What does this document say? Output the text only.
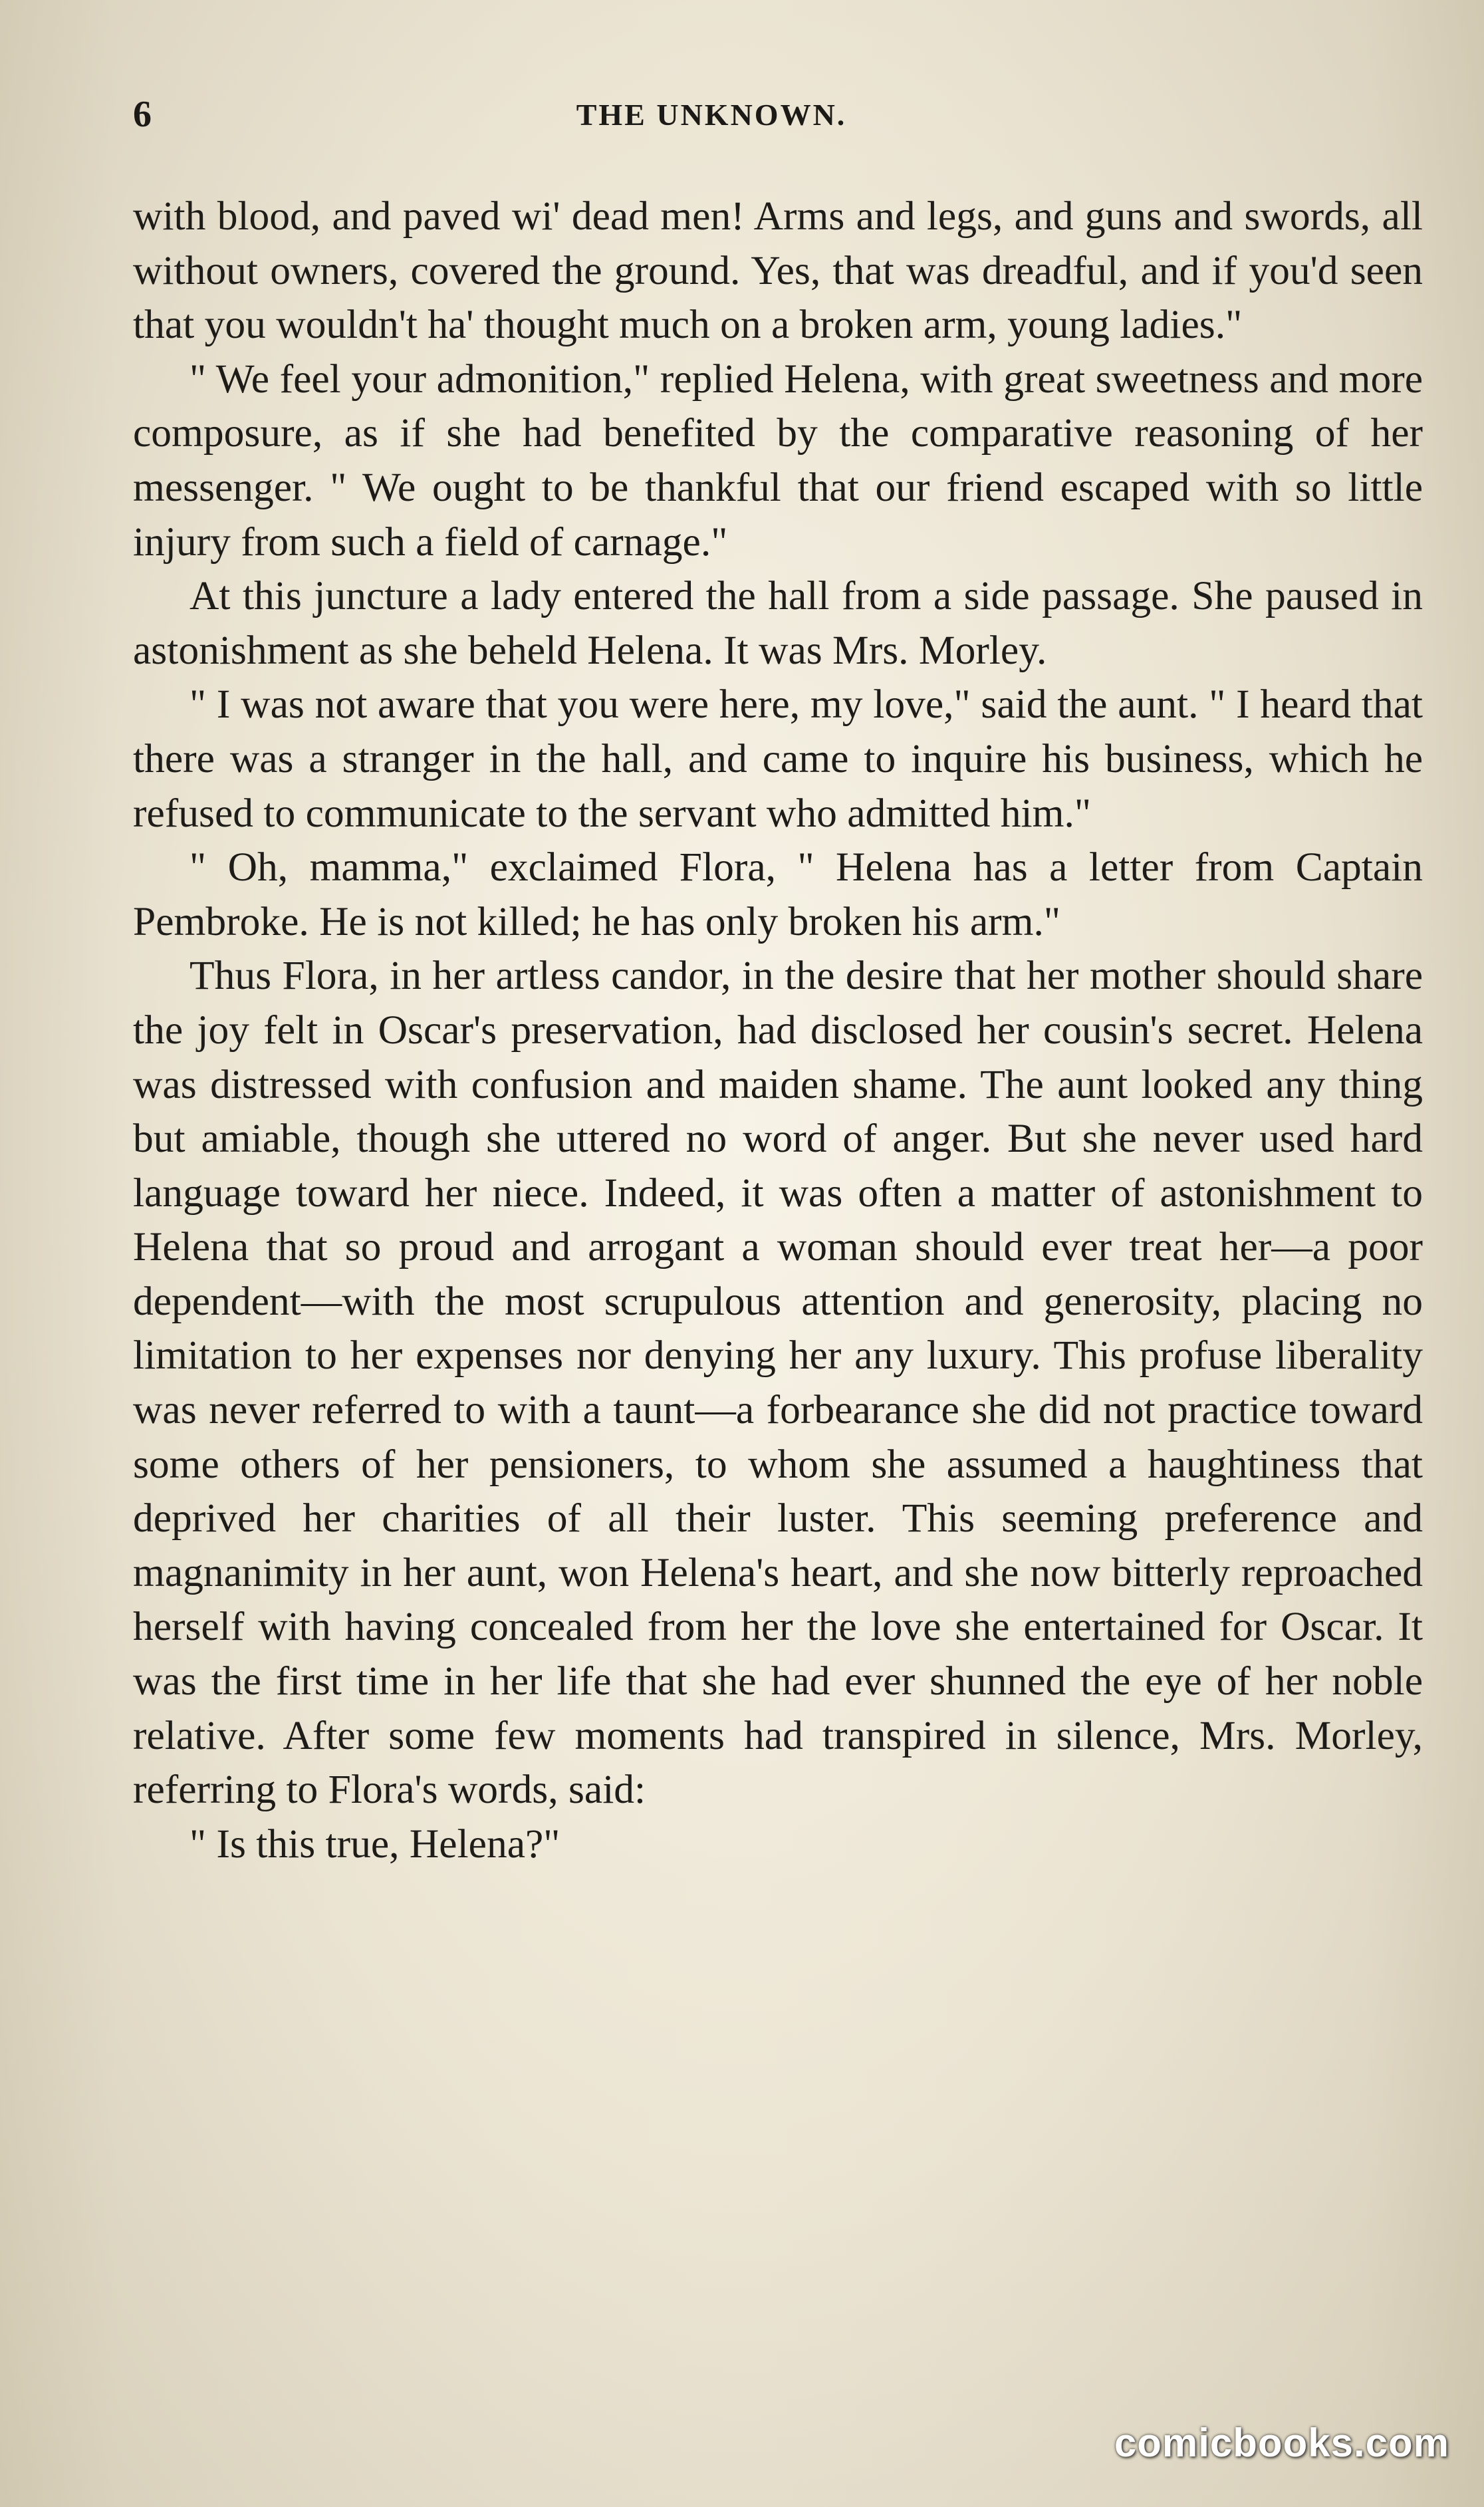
6	THE UNKNOWN.

with blood, and paved wi' dead men! Arms and legs, and guns and swords, all without owners, covered the ground. Yes, that was dreadful, and if you'd seen that you wouldn't ha' thought much on a broken arm, young ladies."

" We feel your admonition," replied Helena, with great sweetness and more composure, as if she had benefited by the comparative reasoning of her messenger. " We ought to be thankful that our friend escaped with so little injury from such a field of carnage."

At this juncture a lady entered the hall from a side passage. She paused in astonishment as she beheld Helena. It was Mrs. Morley.

" I was not aware that you were here, my love," said the aunt. " I heard that there was a stranger in the hall, and came to inquire his business, which he refused to communicate to the servant who admitted him."

" Oh, mamma," exclaimed Flora, " Helena has a letter from Captain Pembroke. He is not killed; he has only broken his arm."

Thus Flora, in her artless candor, in the desire that her mother should share the joy felt in Oscar's preservation, had disclosed her cousin's secret. Helena was distressed with confusion and maiden shame. The aunt looked any thing but amiable, though she uttered no word of anger. But she never used hard language toward her niece. Indeed, it was often a matter of astonishment to Helena that so proud and arrogant a woman should ever treat her—a poor dependent—with the most scrupulous attention and generosity, placing no limitation to her expenses nor denying her any luxury. This profuse liberality was never referred to with a taunt—a forbearance she did not practice toward some others of her pensioners, to whom she assumed a haughtiness that deprived her charities of all their luster. This seeming preference and magnanimity in her aunt, won Helena's heart, and she now bitterly reproached herself with having concealed from her the love she entertained for Oscar. It was the first time in her life that she had ever shunned the eye of her noble relative. After some few moments had transpired in silence, Mrs. Morley, referring to Flora's words, said:

" Is this true, Helena?"

comicbooks.com
